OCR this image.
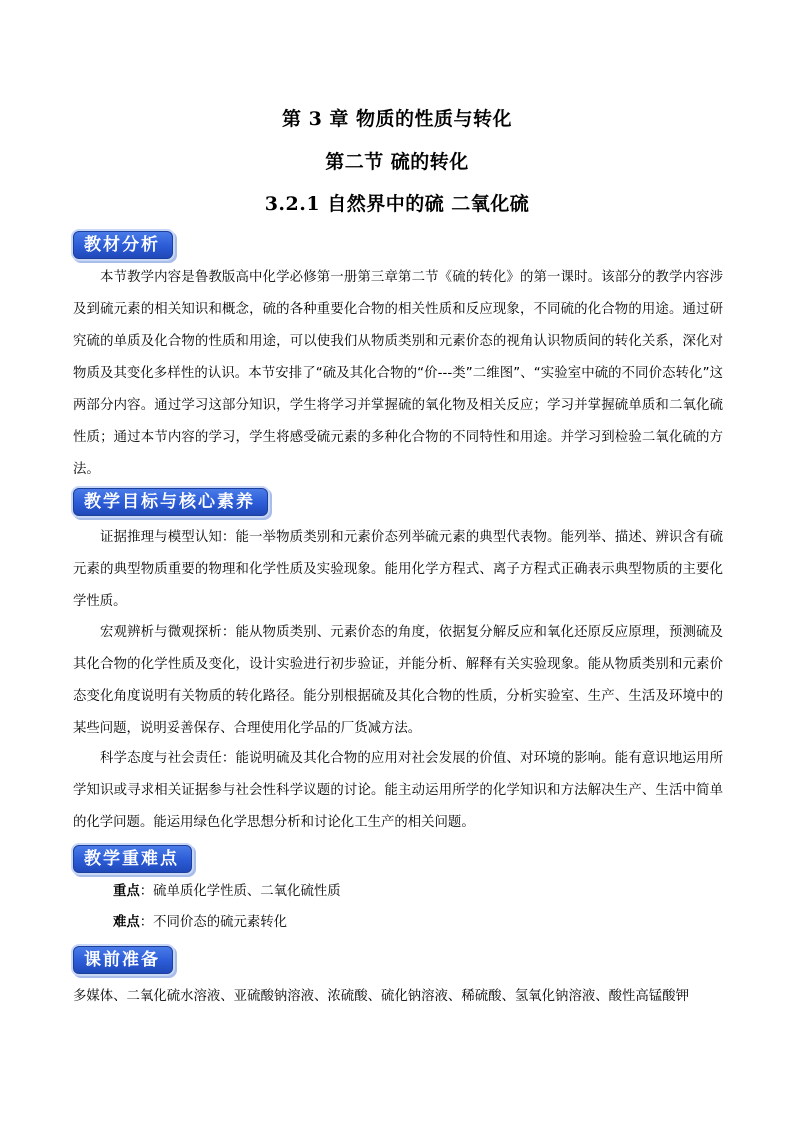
第 3 章 物质的性质与转化
第二节 硫的转化
3.2.1 自然界中的硫 二氧化硫
教材分析

本节教学内容是鲁教版高中化学必修第一册第三章第二节《硫的转化》的第一课时。该部分的教学内容涉及到硫元素的相关知识和概念，硫的各种重要化合物的相关性质和反应现象，不同硫的化合物的用途。通过研究硫的单质及化合物的性质和用途，可以使我们从物质类别和元素价态的视角认识物质间的转化关系，深化对物质及其变化多样性的认识。本节安排了“硫及其化合物的“价---类”二维图”、“实验室中硫的不同价态转化”这两部分内容。通过学习这部分知识，学生将学习并掌握硫的氧化物及相关反应；学习并掌握硫单质和二氧化硫性质；通过本节内容的学习，学生将感受硫元素的多种化合物的不同特性和用途。并学习到检验二氧化硫的方法。

教学目标与核心素养

证据推理与模型认知：能一举物质类别和元素价态列举硫元素的典型代表物。能列举、描述、辨识含有硫元素的典型物质重要的物理和化学性质及实验现象。能用化学方程式、离子方程式正确表示典型物质的主要化学性质。

宏观辨析与微观探析：能从物质类别、元素价态的角度，依据复分解反应和氧化还原反应原理，预测硫及其化合物的化学性质及变化，设计实验进行初步验证，并能分析、解释有关实验现象。能从物质类别和元素价态变化角度说明有关物质的转化路径。能分别根据硫及其化合物的性质，分析实验室、生产、生活及环境中的某些问题，说明妥善保存、合理使用化学品的厂货减方法。

科学态度与社会责任：能说明硫及其化合物的应用对社会发展的价值、对环境的影响。能有意识地运用所学知识或寻求相关证据参与社会性科学议题的讨论。能主动运用所学的化学知识和方法解决生产、生活中简单的化学问题。能运用绿色化学思想分析和讨论化工生产的相关问题。

教学重难点
重点：硫单质化学性质、二氧化硫性质
难点：不同价态的硫元素转化
课前准备
多媒体、二氧化硫水溶液、亚硫酸钠溶液、浓硫酸、硫化钠溶液、稀硫酸、氢氧化钠溶液、酸性高锰酸钾
